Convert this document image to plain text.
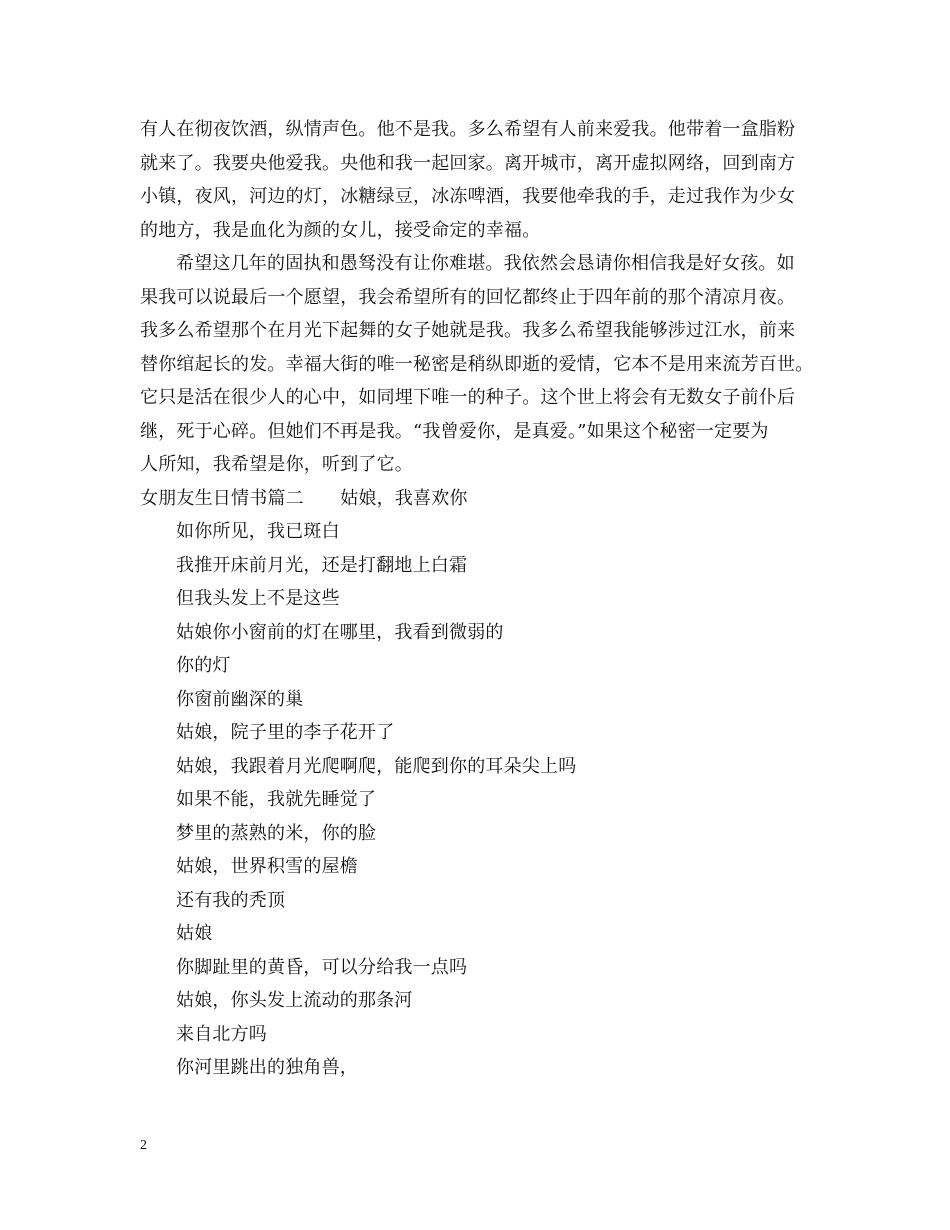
有人在彻夜饮酒，纵情声色。他不是我。多么希望有人前来爱我。他带着一盒脂粉
就来了。我要央他爱我。央他和我一起回家。离开城市，离开虚拟网络，回到南方
小镇，夜风，河边的灯，冰糖绿豆，冰冻啤酒，我要他牵我的手，走过我作为少女
的地方，我是血化为颜的女儿，接受命定的幸福。
希望这几年的固执和愚驽没有让你难堪。我依然会恳请你相信我是好女孩。如
果我可以说最后一个愿望，我会希望所有的回忆都终止于四年前的那个清凉月夜。
我多么希望那个在月光下起舞的女子她就是我。我多么希望我能够涉过江水，前来
替你绾起长的发。幸福大街的唯一秘密是稍纵即逝的爱情，它本不是用来流芳百世。
它只是活在很少人的心中，如同埋下唯一的种子。这个世上将会有无数女子前仆后
继，死于心碎。但她们不再是我。“我曾爱你，是真爱。”如果这个秘密一定要为
人所知，我希望是你，听到了它。
女朋友生日情书篇二　　姑娘，我喜欢你
如你所见，我已斑白
我推开床前月光，还是打翻地上白霜
但我头发上不是这些
姑娘你小窗前的灯在哪里，我看到微弱的
你的灯
你窗前幽深的巢
姑娘，院子里的李子花开了
姑娘，我跟着月光爬啊爬，能爬到你的耳朵尖上吗
如果不能，我就先睡觉了
梦里的蒸熟的米，你的脸
姑娘，世界积雪的屋檐
还有我的秃顶
姑娘
你脚趾里的黄昏，可以分给我一点吗
姑娘，你头发上流动的那条河
来自北方吗
你河里跳出的独角兽，
2
